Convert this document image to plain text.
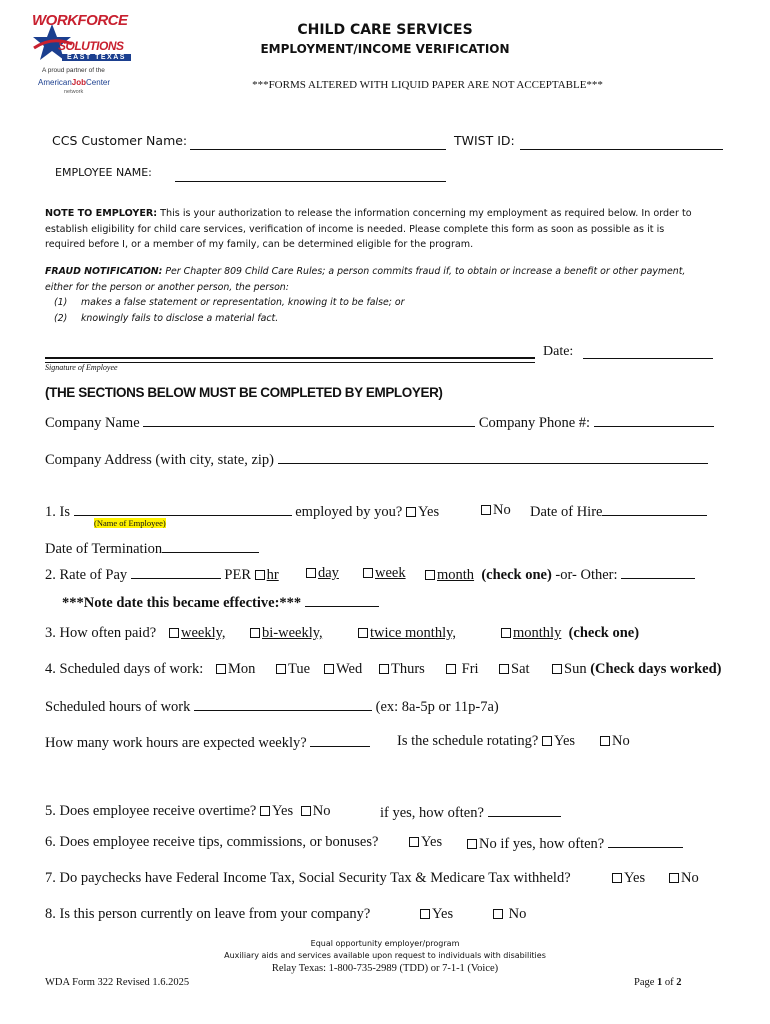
WORKFORCE
SOLUTIONS
EAST TEXAS
A proud partner of the
AmericanJobCenter
network
CHILD CARE SERVICES
EMPLOYMENT/INCOME VERIFICATION
***FORMS ALTERED WITH LIQUID PAPER ARE NOT ACCEPTABLE***
CCS Customer Name:	TWIST ID:
EMPLOYEE NAME:
NOTE TO EMPLOYER: This is your authorization to release the information concerning my employment as required below. In order to
establish eligibility for child care services, verification of income is needed. Please complete this form as soon as possible as it is
required before I, or a member of my family, can be determined eligible for the program.
FRAUD NOTIFICATION: Per Chapter 809 Child Care Rules; a person commits fraud if, to obtain or increase a benefit or other payment,
either for the person or another person, the person:
(1) makes a false statement or representation, knowing it to be false; or
(2) knowingly fails to disclose a material fact.
Date:
Signature of Employee
(THE SECTIONS BELOW MUST BE COMPLETED BY EMPLOYER)
Company Name	Company Phone #:
Company Address (with city, state, zip)
1. Is	employed by you? Yes	No Date of Hire
(Name of Employee)
Date of Termination
2. Rate of Pay	PER hr	day	week	month (check one) -or- Other:
***Note date this became effective:***
3. How often paid?	weekly,	bi-weekly,	twice monthly,	monthly (check one)
4. Scheduled days of work:	Mon	Tue	Wed	Thurs	Fri	Sat	Sun (Check days worked)
Scheduled hours of work	(ex: 8a-5p or 11p-7a)
How many work hours are expected weekly?	Is the schedule rotating? Yes	No
5. Does employee receive overtime? Yes No	if yes, how often?
6. Does employee receive tips, commissions, or bonuses?	Yes	No if yes, how often?
7. Do paychecks have Federal Income Tax, Social Security Tax & Medicare Tax withheld?	Yes	No
8. Is this person currently on leave from your company?	Yes	No
Equal opportunity employer/program
Auxiliary aids and services available upon request to individuals with disabilities
Relay Texas: 1-800-735-2989 (TDD) or 7-1-1 (Voice)
WDA Form 322 Revised 1.6.2025	Page 1 of 2
